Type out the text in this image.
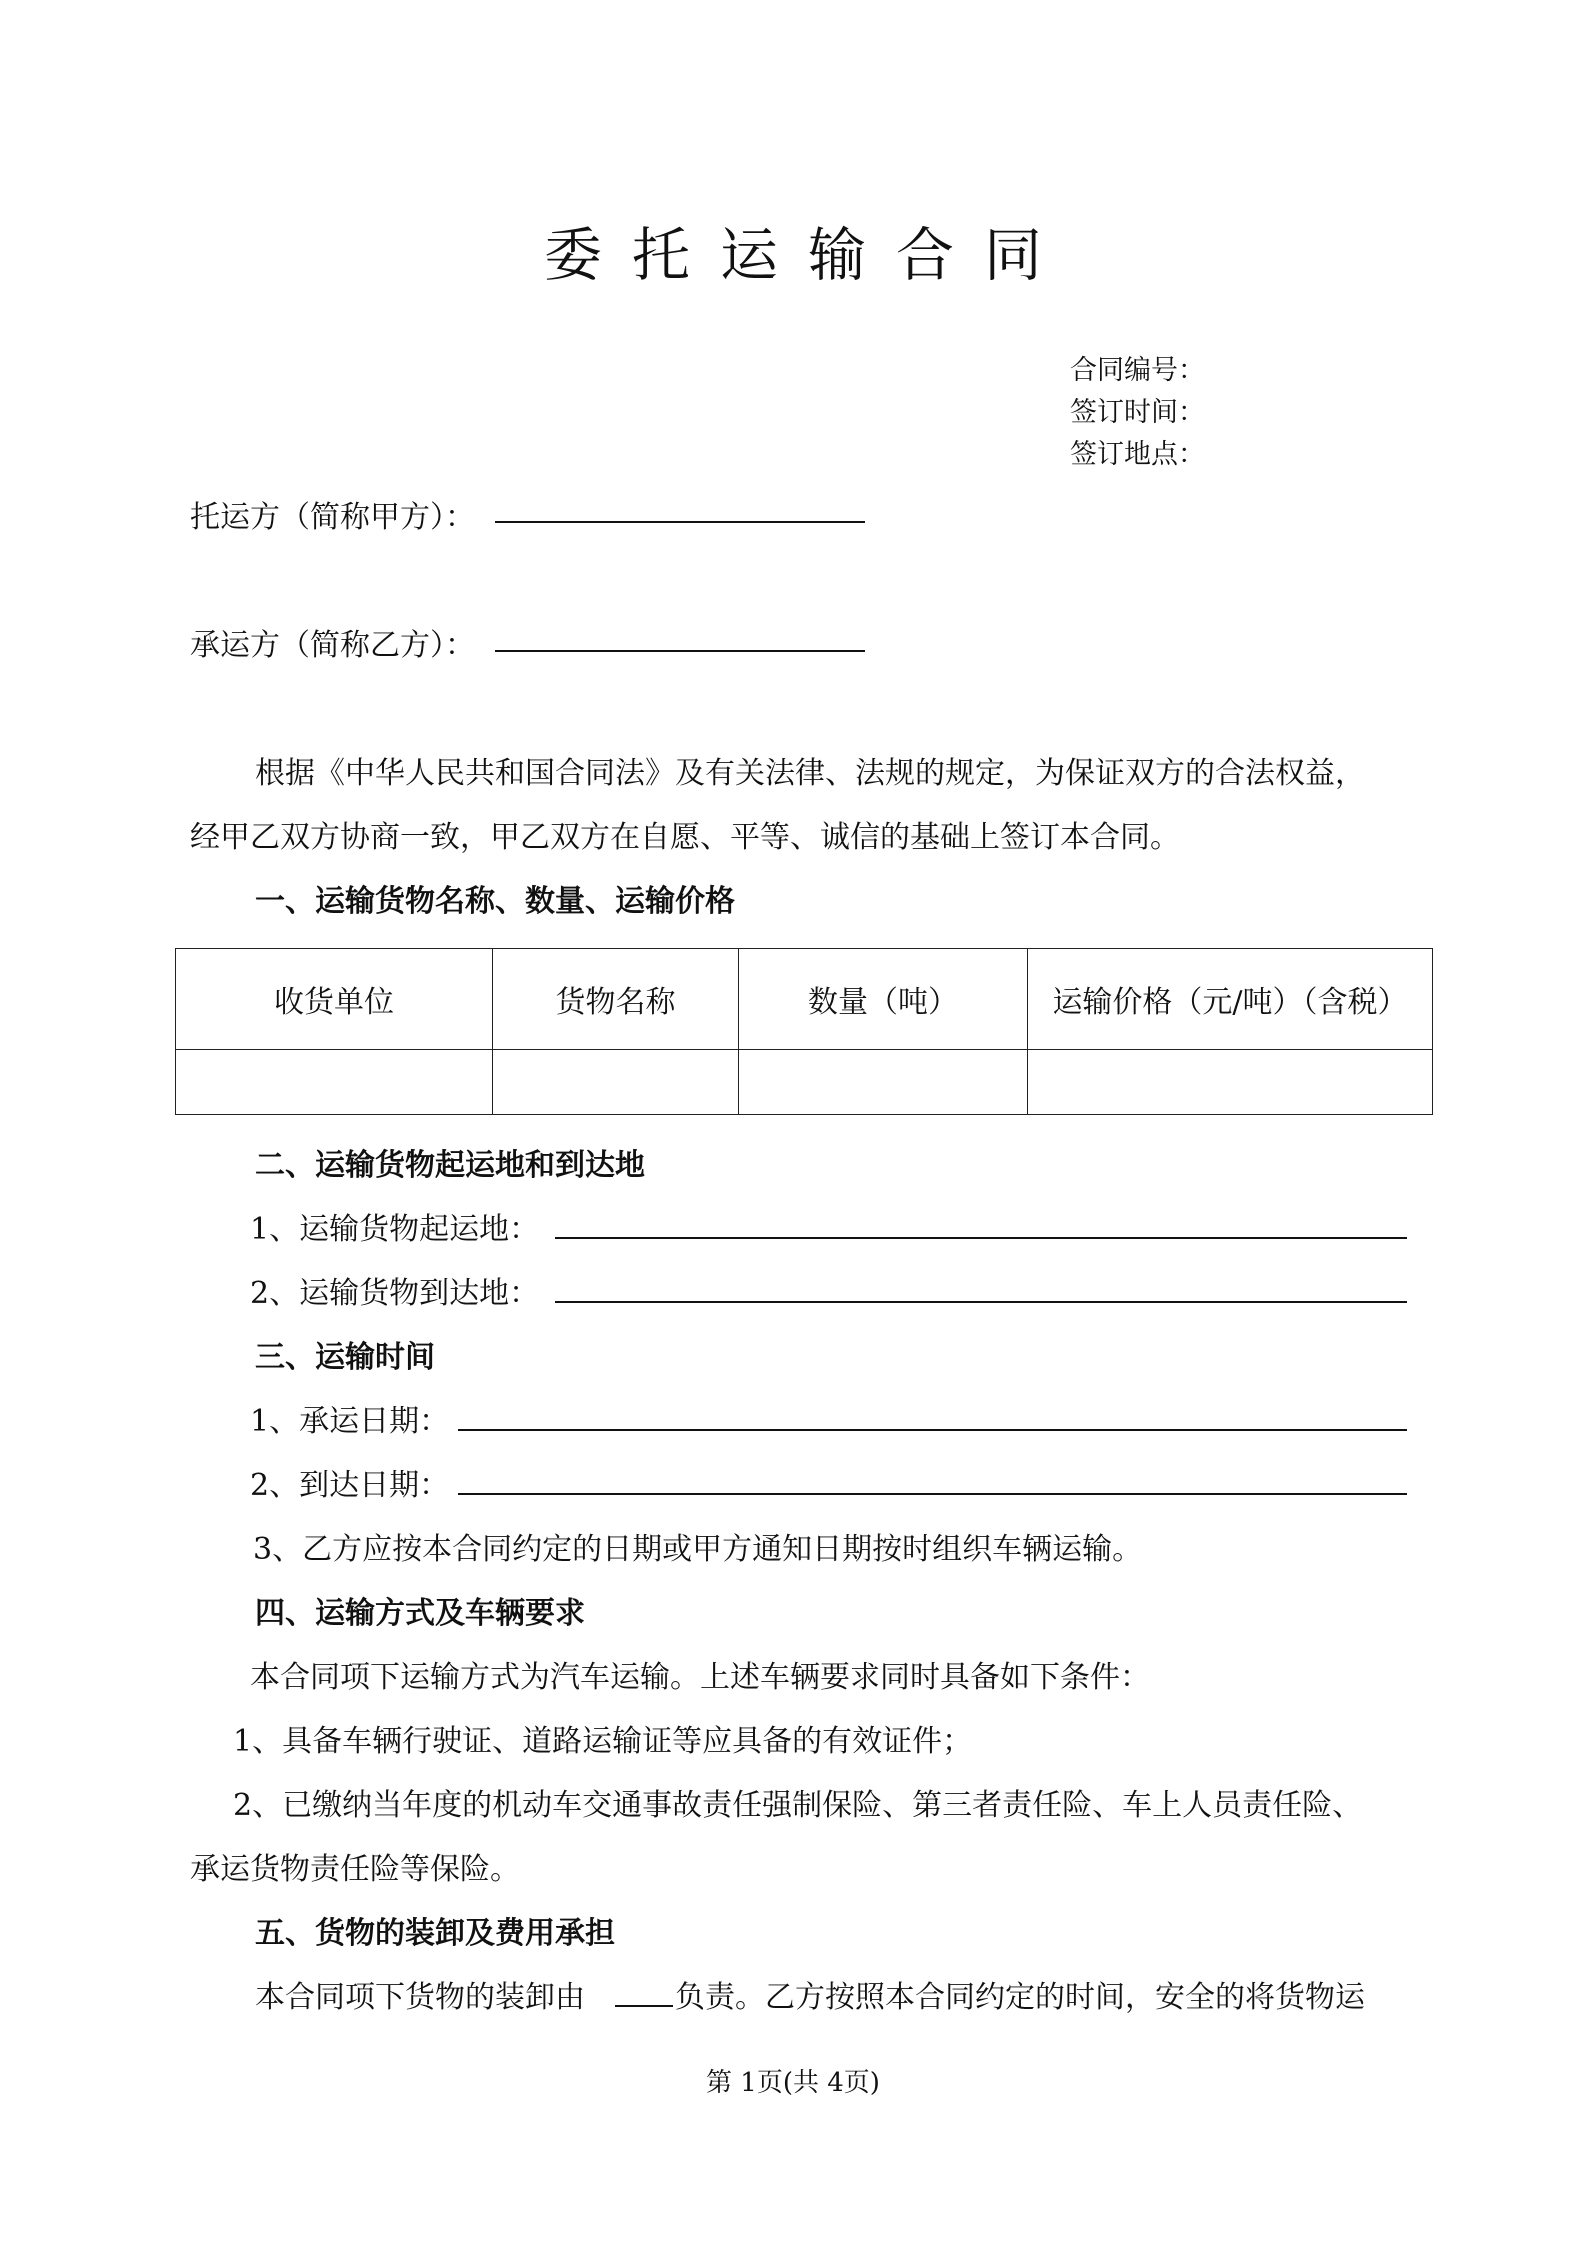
委托运输合同
合同编号：
签订时间：
签订地点：
托运方（简称甲方）：
承运方（简称乙方）：
根据《中华人民共和国合同法》及有关法律、法规的规定，为保证双方的合法权益，
经甲乙双方协商一致，甲乙双方在自愿、平等、诚信的基础上签订本合同。
一、运输货物名称、数量、运输价格
收货单位	货物名称	数量（吨）	运输价格（元/吨）（含税）

二、运输货物起运地和到达地
1、运输货物起运地：
2、运输货物到达地：
三、运输时间
1、承运日期：
2、到达日期：
3、乙方应按本合同约定的日期或甲方通知日期按时组织车辆运输。
四、运输方式及车辆要求
本合同项下运输方式为汽车运输。上述车辆要求同时具备如下条件：
1、具备车辆行驶证、道路运输证等应具备的有效证件；
2、已缴纳当年度的机动车交通事故责任强制保险、第三者责任险、车上人员责任险、
承运货物责任险等保险。
五、货物的装卸及费用承担
本合同项下货物的装卸由	负责。乙方按照本合同约定的时间，安全的将货物运
第 1页(共 4页)
